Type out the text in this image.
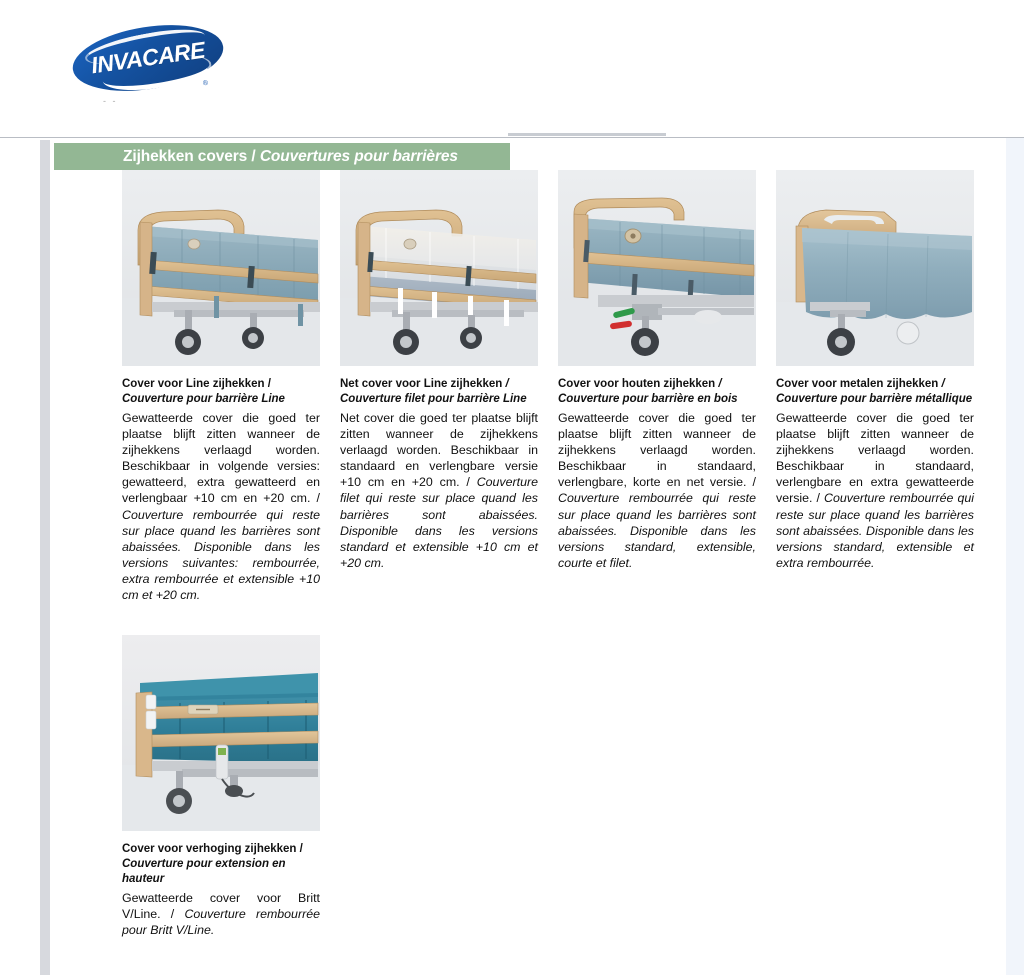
INVACARE
®
- -
Zijhekken covers / Couvertures pour barrières
Cover voor Line zijhekken / Couverture pour barrière Line
Gewatteerde cover die goed ter plaatse blijft zitten wanneer de zijhekkens verlaagd worden. Beschikbaar in volgende versies: gewatteerd, extra gewatteerd en verlengbaar +10 cm en +20 cm. / Couverture rembourrée qui reste sur place quand les barrières sont abaissées. Disponible dans les versions suivantes: rembourrée, extra rembourrée et extensible +10 cm et +20 cm.
Net cover voor Line zijhekken / Couverture filet pour barrière Line
Net cover die goed ter plaatse blijft zitten wanneer de zijhekkens verlaagd worden. Beschikbaar in standaard en verlengbare versie +10 cm en +20 cm. / Couverture filet qui reste sur place quand les barrières sont abaissées. Disponible dans les versions standard et extensible +10 cm et +20 cm.
Cover voor houten zijhekken / Couverture pour barrière en bois
Gewatteerde cover die goed ter plaatse blijft zitten wanneer de zijhekkens verlaagd worden. Beschikbaar in standaard, verlengbare, korte en net versie. / Couverture rembourrée qui reste sur place quand les barrières sont abaissées. Disponible dans les versions standard, extensible, courte et filet.
Cover voor metalen zijhekken / Couverture pour barrière métallique
Gewatteerde cover die goed ter plaatse blijft zitten wanneer de zijhekkens verlaagd worden. Beschikbaar in standaard, verlengbare en extra gewatteerde versie. / Couverture rembourrée qui reste sur place quand les barrières sont abaissées. Disponible dans les versions standard, extensible et extra rembourrée.
Cover voor verhoging zijhekken / Couverture pour extension en hauteur
Gewatteerde cover voor Britt V/Line. / Couverture rembourrée pour Britt V/Line.
